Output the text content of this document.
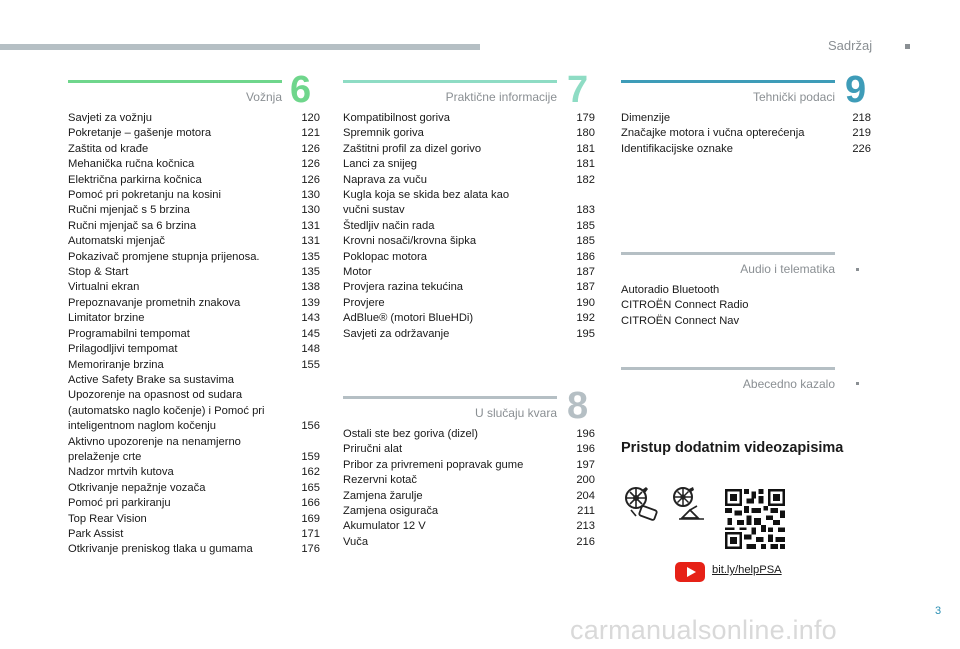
Sadržaj
Vožnja 6
Savjeti za vožnju	120
Pokretanje – gašenje motora	121
Zaštita od krađe	126
Mehanička ručna kočnica	126
Električna parkirna kočnica	126
Pomoć pri pokretanju na kosini	130
Ručni mjenjač s 5 brzina	130
Ručni mjenjač sa 6 brzina	131
Automatski mjenjač	131
Pokazivač promjene stupnja prijenosa.	135
Stop & Start	135
Virtualni ekran	138
Prepoznavanje prometnih znakova	139
Limitator brzine	143
Programabilni tempomat	145
Prilagodljivi tempomat	148
Memoriranje brzina	155
Active Safety Brake sa sustavima
Upozorenje na opasnost od sudara
(automatsko naglo kočenje) i Pomoć pri
inteligentnom naglom kočenju	156
Aktivno upozorenje na nenamjerno
prelaženje crte	159
Nadzor mrtvih kutova	162
Otkrivanje nepažnje vozača	165
Pomoć pri parkiranju	166
Top Rear Vision	169
Park Assist	171
Otkrivanje preniskog tlaka u gumama	176
Praktične informacije 7
Kompatibilnost goriva	179
Spremnik goriva	180
Zaštitni profil za dizel gorivo	181
Lanci za snijeg	181
Naprava za vuču	182
Kugla koja se skida bez alata kao
vučni sustav	183
Štedljiv način rada	185
Krovni nosači/krovna šipka	185
Poklopac motora	186
Motor	187
Provjera razina tekućina	187
Provjere	190
AdBlue® (motori BlueHDi)	192
Savjeti za održavanje	195
U slučaju kvara 8
Ostali ste bez goriva (dizel)	196
Priručni alat	196
Pribor za privremeni popravak gume	197
Rezervni kotač	200
Zamjena žarulje	204
Zamjena osigurača	211
Akumulator 12 V	213
Vuča	216
Tehnički podaci 9
Dimenzije	218
Značajke motora i vučna opterećenja	219
Identifikacijske oznake	226
Audio i telematika
Autoradio Bluetooth
CITROËN Connect Radio
CITROËN Connect Nav
Abecedno kazalo
Pristup dodatnim videozapisima
bit.ly/helpPSA
3
carmanualsonline.info
